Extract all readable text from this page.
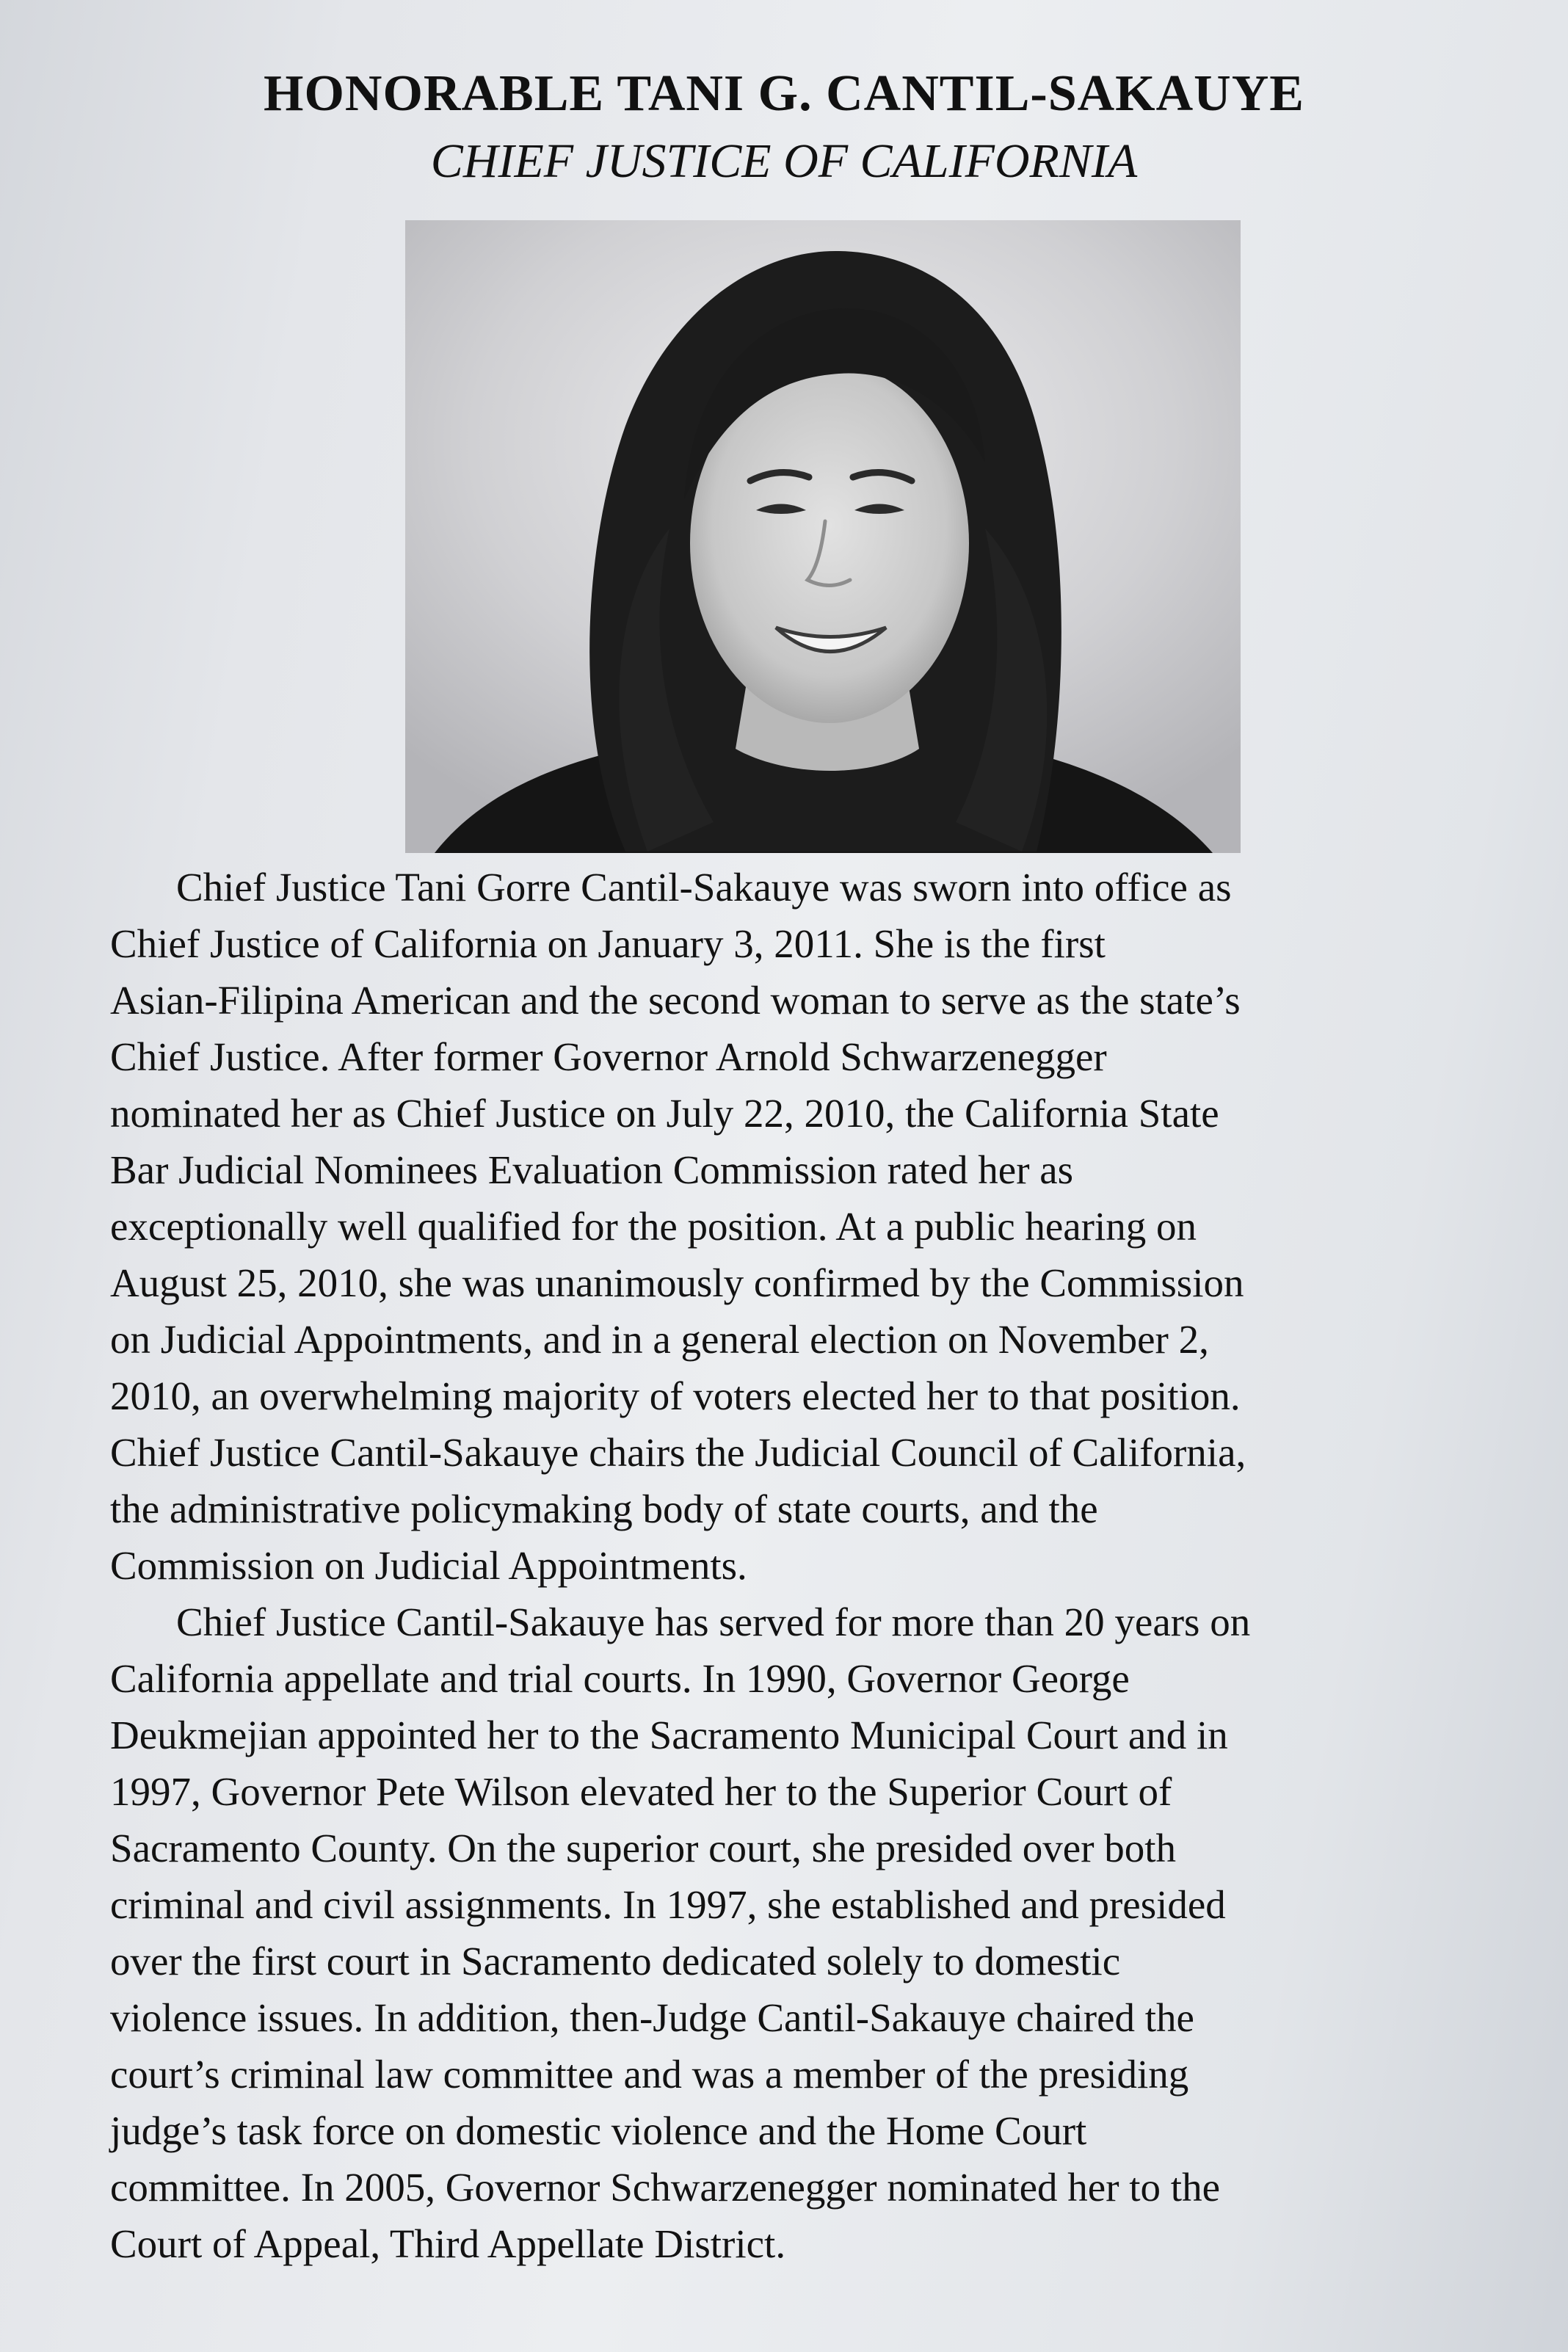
HONORABLE TANI G. CANTIL-SAKAUYE
CHIEF JUSTICE OF CALIFORNIA
Chief Justice Tani Gorre Cantil-Sakauye was sworn into office as
Chief Justice of California on January 3, 2011. She is the first
Asian-Filipina American and the second woman to serve as the state’s
Chief Justice. After former Governor Arnold Schwarzenegger
nominated her as Chief Justice on July 22, 2010, the California State
Bar Judicial Nominees Evaluation Commission rated her as
exceptionally well qualified for the position. At a public hearing on
August 25, 2010, she was unanimously confirmed by the Commission
on Judicial Appointments, and in a general election on November 2,
2010, an overwhelming majority of voters elected her to that position.
Chief Justice Cantil-Sakauye chairs the Judicial Council of California,
the administrative policymaking body of state courts, and the
Commission on Judicial Appointments.
Chief Justice Cantil-Sakauye has served for more than 20 years on
California appellate and trial courts. In 1990, Governor George
Deukmejian appointed her to the Sacramento Municipal Court and in
1997, Governor Pete Wilson elevated her to the Superior Court of
Sacramento County. On the superior court, she presided over both
criminal and civil assignments. In 1997, she established and presided
over the first court in Sacramento dedicated solely to domestic
violence issues. In addition, then-Judge Cantil-Sakauye chaired the
court’s criminal law committee and was a member of the presiding
judge’s task force on domestic violence and the Home Court
committee. In 2005, Governor Schwarzenegger nominated her to the
Court of Appeal, Third Appellate District.
